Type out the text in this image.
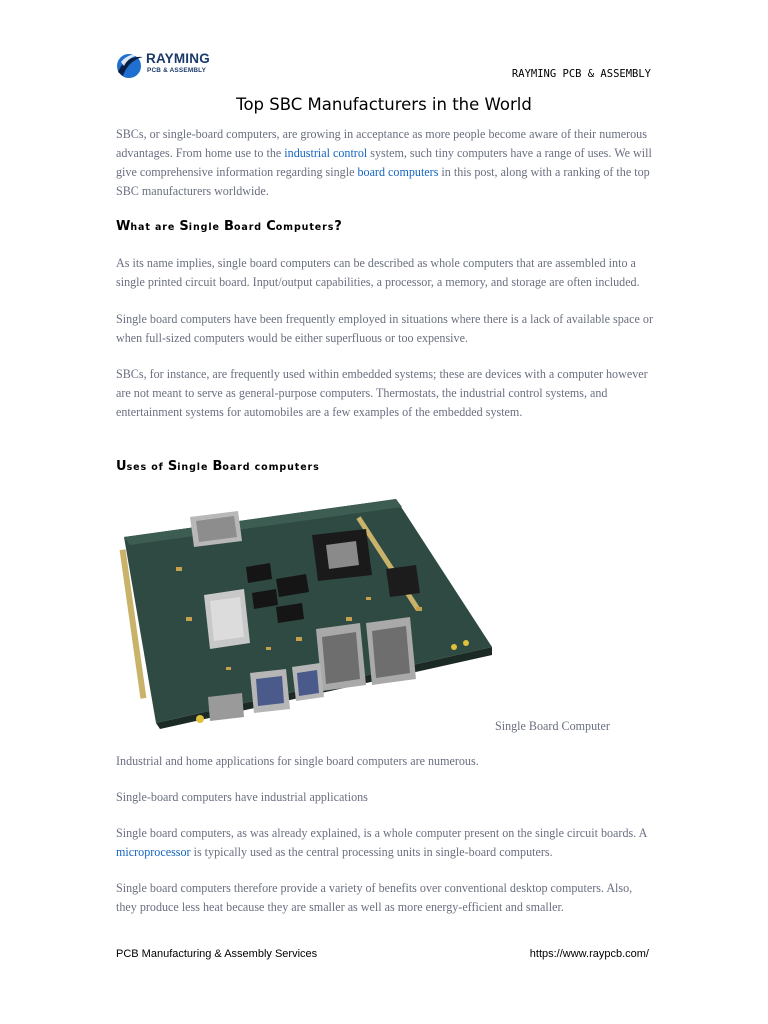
RAYMING
PCB & ASSEMBLY	RAYMING PCB & ASSEMBLY
Top SBC Manufacturers in the World

SBCs, or single-board computers, are growing in acceptance as more people become aware of their numerous advantages. From home use to the industrial control system, such tiny computers have a range of uses. We will give comprehensive information regarding single board computers in this post, along with a ranking of the top SBC manufacturers worldwide.

What are Single Board Computers?

As its name implies, single board computers can be described as whole computers that are assembled into a single printed circuit board. Input/output capabilities, a processor, a memory, and storage are often included.

Single board computers have been frequently employed in situations where there is a lack of available space or when full-sized computers would be either superfluous or too expensive.

SBCs, for instance, are frequently used within embedded systems; these are devices with a computer however are not meant to serve as general-purpose computers. Thermostats, the industrial control systems, and entertainment systems for automobiles are a few examples of the embedded system.

Uses of Single Board computers
Single Board Computer

Industrial and home applications for single board computers are numerous.

Single-board computers have industrial applications

Single board computers, as was already explained, is a whole computer present on the single circuit boards. A microprocessor is typically used as the central processing units in single-board computers.

Single board computers therefore provide a variety of benefits over conventional desktop computers. Also, they produce less heat because they are smaller as well as more energy-efficient and smaller.

PCB Manufacturing & Assembly Services	https://www.raypcb.com/
